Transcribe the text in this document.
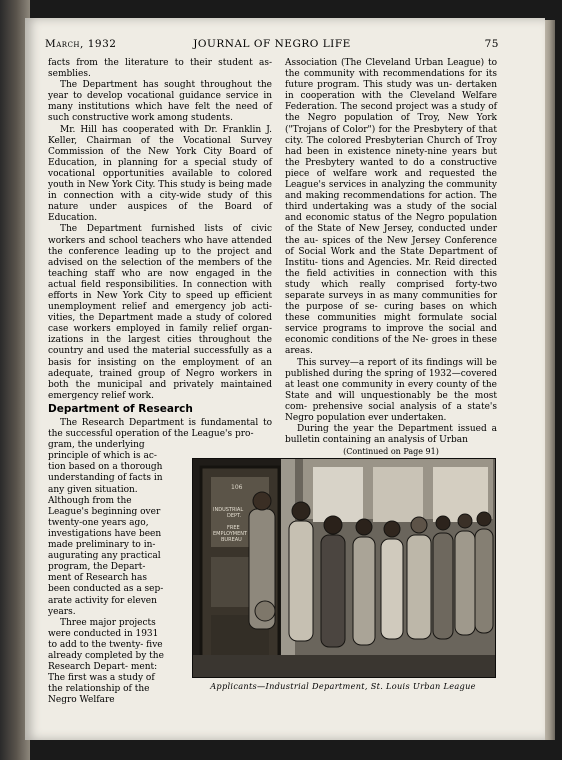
March, 1932	JOURNAL OF NEGRO LIFE	75

facts from the literature to their student as- semblies.

The Department has sought throughout the year to develop vocational guidance service in many institutions which have felt the need of such constructive work among students.

Mr. Hill has cooperated with Dr. Franklin J. Keller, Chairman of the Vocational Survey Commission of the New York City Board of Education, in planning for a special study of vocational opportunities available to colored youth in New York City. This study is being made in connection with a city-wide study of this nature under auspices of the Board of Education.

The Department furnished lists of civic workers and school teachers who have attended the conference leading up to the project and advised on the selection of the members of the teaching staff who are now engaged in the actual field responsibilities. In connection with efforts in New York City to speed up efficient unemployment relief and emergency job acti- vities, the Department made a study of colored case workers employed in family relief organ- izations in the largest cities throughout the country and used the material successfully as a basis for insisting on the employment of an adequate, trained group of Negro workers in both the municipal and privately maintained emergency relief work.

Department of Research

The Research Department is fundamental to the successful operation of the League's pro-

gram, the underlying principle of which is ac- tion based on a thorough understanding of facts in any given situation. Although from the League's beginning over twenty-one years ago, investigations have been made preliminary to in- augurating any practical program, the Depart- ment of Research has been conducted as a sep- arate activity for eleven years.

Three major projects were conducted in 1931 to add to the twenty- five already completed by the Research Depart- ment: The first was a study of the relationship of the Negro Welfare

Association (The Cleveland Urban League) to the community with recommendations for its future program. This study was un- dertaken in cooperation with the Cleveland Welfare Federation. The second project was a study of the Negro population of Troy, New York ("Trojans of Color") for the Presbytery of that city. The colored Presbyterian Church of Troy had been in existence ninety-nine years but the Presbytery wanted to do a constructive piece of welfare work and requested the League's services in analyzing the community and making recommendations for action. The third undertaking was a study of the social and economic status of the Negro population of the State of New Jersey, conducted under the au- spices of the New Jersey Conference of Social Work and the State Department of Institu- tions and Agencies. Mr. Reid directed the field activities in connection with this study which really comprised forty-two separate surveys in as many communities for the purpose of se- curing bases on which these communities might formulate social service programs to improve the social and economic conditions of the Ne- groes in these areas.

This survey—a report of its findings will be published during the spring of 1932—covered at least one community in every county of the State and will unquestionably be the most com- prehensive social analysis of a state's Negro population ever undertaken.

During the year the Department issued a bulletin containing an analysis of Urban

(Continued on Page 91)

106
INDUSTRIAL
DEPT.
FREE
EMPLOYMENT
BUREAU
Applicants—Industrial Department, St. Louis Urban League
